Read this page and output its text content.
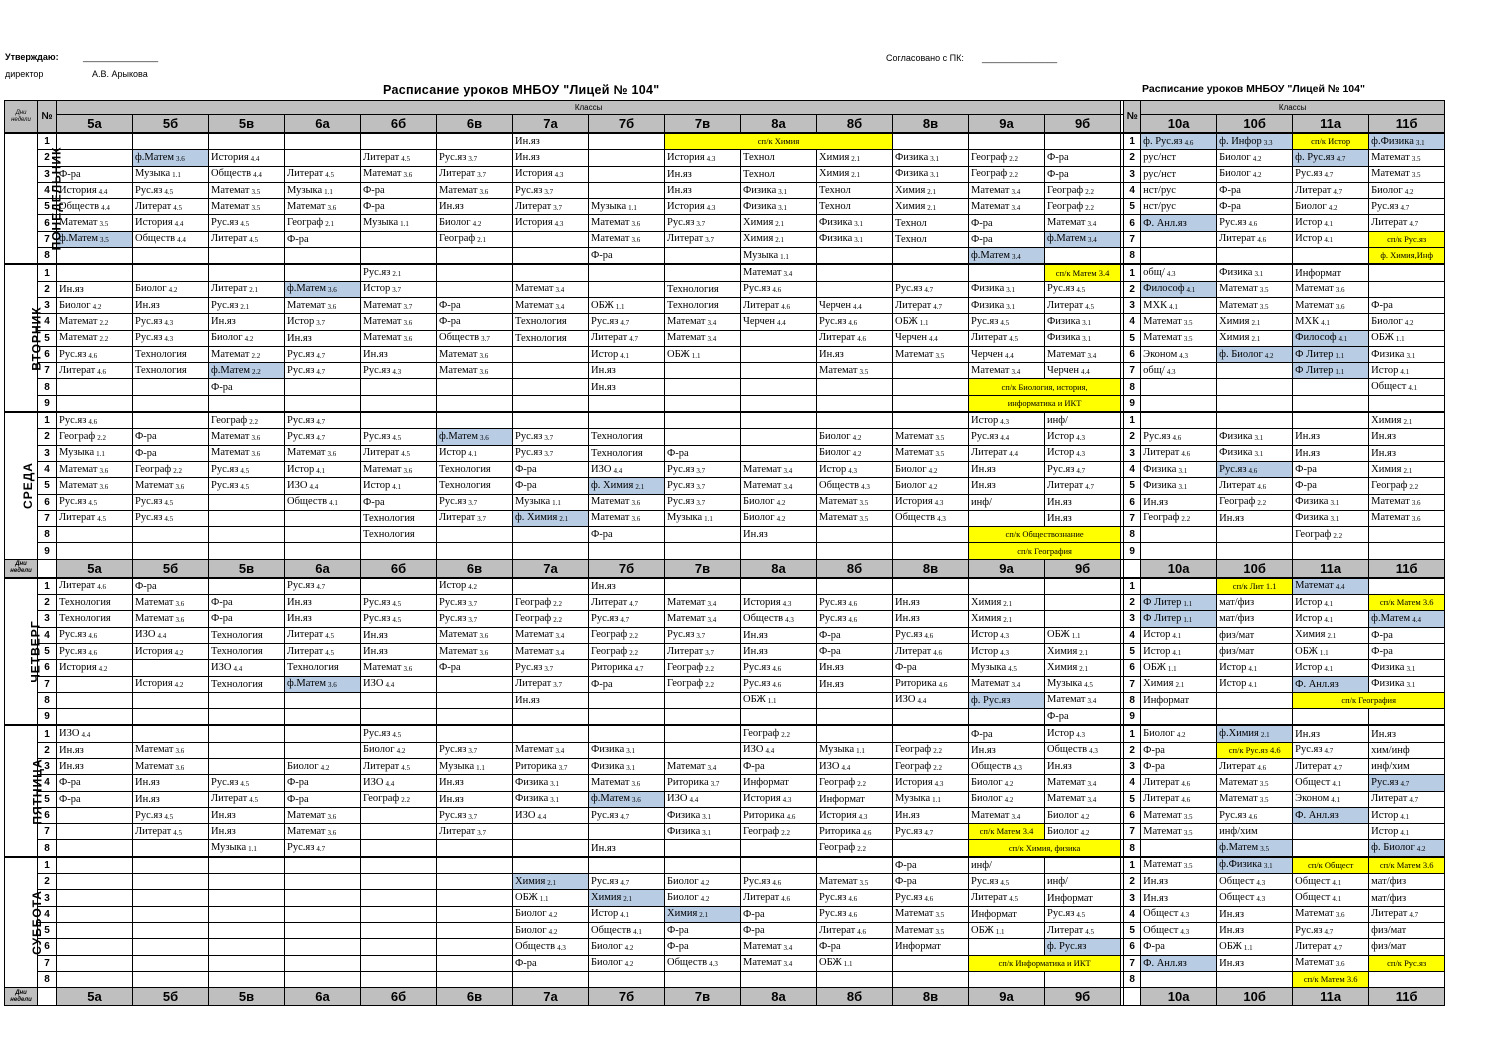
Утверждаю:	_______________
директор	А.В. Арыкова
Согласовано с ПК: _______________
Расписание уроков МНБОУ "Лицей № 104"	Расписание уроков МНБОУ "Лицей № 104"
Дни недели	№	Классы															№	Классы			
		5а	5б	5в	6а	6б	6в	7а	7б	7в	8а	8б	8в	9а	9б			10а	10б	11а	11б
ПОНЕДЕЛЬНИК	1							Ин.яз		сп/к Химия							1	ф. Рус.яз $_{4.6}$	ф. Инфор $_{3.3}$	сп/к Истор	ф.Физика $_{3.1}$
	2		ф.Матем $_{3.6}$	История $_{4.4}$		Литерат $_{4.5}$	Рус.яз $_{3.7}$	Ин.яз		История $_{4.3}$	Технол	Химия $_{2.1}$	Физика $_{3.1}$	Географ $_{2.2}$	Ф-ра		2	рус/нст	Биолог $_{4.2}$	ф. Рус.яз $_{4.7}$	Математ $_{3.5}$
	3	Ф-ра	Музыка $_{1.1}$	Обществ $_{4.4}$	Литерат $_{4.5}$	Математ $_{3.6}$	Литерат $_{3.7}$	История $_{4.3}$		Ин.яз	Технол	Химия $_{2.1}$	Физика $_{3.1}$	Географ $_{2.2}$	Ф-ра		3	рус/нст	Биолог $_{4.2}$	Рус.яз $_{4.7}$	Математ $_{3.5}$
	4	История $_{4.4}$	Рус.яз $_{4.5}$	Математ $_{3.5}$	Музыка $_{1.1}$	Ф-ра	Математ $_{3.6}$	Рус.яз $_{3.7}$		Ин.яз	Физика $_{3.1}$	Технол	Химия $_{2.1}$	Математ $_{3.4}$	Географ $_{2.2}$		4	нст/рус	Ф-ра	Литерат $_{4.7}$	Биолог $_{4.2}$
	5	Обществ $_{4.4}$	Литерат $_{4.5}$	Математ $_{3.5}$	Математ $_{3.6}$	Ф-ра	Ин.яз	Литерат $_{3.7}$	Музыка $_{1.1}$	История $_{4.3}$	Физика $_{3.1}$	Технол	Химия $_{2.1}$	Математ $_{3.4}$	Географ $_{2.2}$		5	нст/рус	Ф-ра	Биолог $_{4.2}$	Рус.яз $_{4.7}$
	6	Математ $_{3.5}$	История $_{4.4}$	Рус.яз $_{4.5}$	Географ $_{2.1}$	Музыка $_{1.1}$	Биолог $_{4.2}$	История $_{4.3}$	Математ $_{3.6}$	Рус.яз $_{3.7}$	Химия $_{2.1}$	Физика $_{3.1}$	Технол	Ф-ра	Математ $_{3.4}$		6	Ф. Анл.яз	Рус.яз $_{4.6}$	Истор $_{4.1}$	Литерат $_{4.7}$
	7	ф.Матем $_{3.5}$	Обществ $_{4.4}$	Литерат $_{4.5}$	Ф-ра		Географ $_{2.1}$		Математ $_{3.6}$	Литерат $_{3.7}$	Химия $_{2.1}$	Физика $_{3.1}$	Технол	Ф-ра	ф.Матем $_{3.4}$		7		Литерат $_{4.6}$	Истор $_{4.1}$	сп/к Рус.яз
	8								Ф-ра		Музыка $_{1.1}$			ф.Матем $_{3.4}$			8				ф. Химия,Инф
ВТОРНИК	1					Рус.яз $_{2.1}$					Математ $_{3.4}$				сп/к Матем 3.4		1	общ/ $_{4.3}$	Физика $_{3.1}$	Информат	
	2	Ин.яз	Биолог $_{4.2}$	Литерат $_{2.1}$	ф.Матем $_{3.6}$	Истор $_{3.7}$		Математ $_{3.4}$		Технология	Рус.яз $_{4.6}$		Рус.яз $_{4.7}$	Физика $_{3.1}$	Рус.яз $_{4.5}$		2	Философ $_{4.1}$	Математ $_{3.5}$	Математ $_{3.6}$	
	3	Биолог $_{4.2}$	Ин.яз	Рус.яз $_{2.1}$	Математ $_{3.6}$	Математ $_{3.7}$	Ф-ра	Математ $_{3.4}$	ОБЖ $_{1.1}$	Технология	Литерат $_{4.6}$	Черчен $_{4.4}$	Литерат $_{4.7}$	Физика $_{3.1}$	Литерат $_{4.5}$		3	МХК $_{4.1}$	Математ $_{3.5}$	Математ $_{3.6}$	Ф-ра
	4	Математ $_{2.2}$	Рус.яз $_{4.3}$	Ин.яз	Истор $_{3.7}$	Математ $_{3.6}$	Ф-ра	Технология	Рус.яз $_{4.7}$	Математ $_{3.4}$	Черчен $_{4.4}$	Рус.яз $_{4.6}$	ОБЖ $_{1.1}$	Рус.яз $_{4.5}$	Физика $_{3.1}$		4	Математ $_{3.5}$	Химия $_{2.1}$	МХК $_{4.1}$	Биолог $_{4.2}$
	5	Математ $_{2.2}$	Рус.яз $_{4.3}$	Биолог $_{4.2}$	Ин.яз	Математ $_{3.6}$	Обществ $_{3.7}$	Технология	Литерат $_{4.7}$	Математ $_{3.4}$		Литерат $_{4.6}$	Черчен $_{4.4}$	Литерат $_{4.5}$	Физика $_{3.1}$		5	Математ $_{3.5}$	Химия $_{2.1}$	Философ $_{4.1}$	ОБЖ $_{1.1}$
	6	Рус.яз $_{4.6}$	Технология	Математ $_{2.2}$	Рус.яз $_{4.7}$	Ин.яз	Математ $_{3.6}$		Истор $_{4.1}$	ОБЖ $_{1.1}$		Ин.яз	Математ $_{3.5}$	Черчен $_{4.4}$	Математ $_{3.4}$		6	Эконом $_{4.3}$	ф. Биолог $_{4.2}$	Ф Литер $_{1.1}$	Физика $_{3.1}$
	7	Литерат $_{4.6}$	Технология	ф.Матем $_{2.2}$	Рус.яз $_{4.7}$	Рус.яз $_{4.3}$	Математ $_{3.6}$		Ин.яз			Математ $_{3.5}$		Математ $_{3.4}$	Черчен $_{4.4}$		7	общ/ $_{4.3}$		Ф Литер $_{1.1}$	Истор $_{4.1}$
	8			Ф-ра					Ин.яз					сп/к Биология, история,			8				Общест $_{4.1}$
	9													информатика и ИКТ			9				
СРЕДА	1	Рус.яз $_{4.6}$		Географ $_{2.2}$	Рус.яз $_{4.7}$									Истор $_{4.3}$	инф/		1				Химия $_{2.1}$
	2	Географ $_{2.2}$	Ф-ра	Математ $_{3.6}$	Рус.яз $_{4.7}$	Рус.яз $_{4.5}$	ф.Матем $_{3.6}$	Рус.яз $_{3.7}$	Технология			Биолог $_{4.2}$	Математ $_{3.5}$	Рус.яз $_{4.4}$	Истор $_{4.3}$		2	Рус.яз $_{4.6}$	Физика $_{3.1}$	Ин.яз	Ин.яз
	3	Музыка $_{1.1}$	Ф-ра	Математ $_{3.6}$	Математ $_{3.6}$	Литерат $_{4.5}$	Истор $_{4.1}$	Рус.яз $_{3.7}$	Технология	Ф-ра		Биолог $_{4.2}$	Математ $_{3.5}$	Литерат $_{4.4}$	Истор $_{4.3}$		3	Литерат $_{4.6}$	Физика $_{3.1}$	Ин.яз	Ин.яз
	4	Математ $_{3.6}$	Географ $_{2.2}$	Рус.яз $_{4.5}$	Истор $_{4.1}$	Математ $_{3.6}$	Технология	Ф-ра	ИЗО $_{4.4}$	Рус.яз $_{3.7}$	Математ $_{3.4}$	Истор $_{4.3}$	Биолог $_{4.2}$	Ин.яз	Рус.яз $_{4.7}$		4	Физика $_{3.1}$	Рус.яз $_{4.6}$	Ф-ра	Химия $_{2.1}$
	5	Математ $_{3.6}$	Математ $_{3.6}$	Рус.яз $_{4.5}$	ИЗО $_{4.4}$	Истор $_{4.1}$	Технология	Ф-ра	ф. Химия $_{2.1}$	Рус.яз $_{3.7}$	Математ $_{3.4}$	Обществ $_{4.3}$	Биолог $_{4.2}$	Ин.яз	Литерат $_{4.7}$		5	Физика $_{3.1}$	Литерат $_{4.6}$	Ф-ра	Географ $_{2.2}$
	6	Рус.яз $_{4.5}$	Рус.яз $_{4.5}$		Обществ $_{4.1}$	Ф-ра	Рус.яз $_{3.7}$	Музыка $_{1.1}$	Математ $_{3.6}$	Рус.яз $_{3.7}$	Биолог $_{4.2}$	Математ $_{3.5}$	История $_{4.3}$	инф/	Ин.яз		6	Ин.яз	Географ $_{2.2}$	Физика $_{3.1}$	Математ $_{3.6}$
	7	Литерат $_{4.5}$	Рус.яз $_{4.5}$			Технология	Литерат $_{3.7}$	ф. Химия $_{2.1}$	Математ $_{3.6}$	Музыка $_{1.1}$	Биолог $_{4.2}$	Математ $_{3.5}$	Обществ $_{4.3}$		Ин.яз		7	Географ $_{2.2}$	Ин.яз	Физика $_{3.1}$	Математ $_{3.6}$
	8					Технология			Ф-ра		Ин.яз			сп/к Обществознание			8			Географ $_{2.2}$	
	9													сп/к География			9				
Дни недели		5а	5б	5в	6а	6б	6в	7а	7б	7в	8а	8б	8в	9а	9б			10а	10б	11а	11б
ЧЕТВЕРГ	1	Литерат $_{4.6}$	Ф-ра		Рус.яз $_{4.7}$		Истор $_{4.2}$		Ин.яз								1		сп/к Лит 1.1	Математ $_{4.4}$	
	2	Технология	Математ $_{3.6}$	Ф-ра	Ин.яз	Рус.яз $_{4.5}$	Рус.яз $_{3.7}$	Географ $_{2.2}$	Литерат $_{4.7}$	Математ $_{3.4}$	История $_{4.3}$	Рус.яз $_{4.6}$	Ин.яз	Химия $_{2.1}$			2	Ф Литер $_{1.1}$	мат/физ	Истор $_{4.1}$	сп/к Матем 3.6
	3	Технология	Математ $_{3.6}$	Ф-ра	Ин.яз	Рус.яз $_{4.5}$	Рус.яз $_{3.7}$	Географ $_{2.2}$	Рус.яз $_{4.7}$	Математ $_{3.4}$	Обществ $_{4.3}$	Рус.яз $_{4.6}$	Ин.яз	Химия $_{2.1}$			3	Ф Литер $_{1.1}$	мат/физ	Истор $_{4.1}$	ф.Матем $_{4.4}$
	4	Рус.яз $_{4.6}$	ИЗО $_{4.4}$	Технология	Литерат $_{4.5}$	Ин.яз	Математ $_{3.6}$	Математ $_{3.4}$	Географ $_{2.2}$	Рус.яз $_{3.7}$	Ин.яз	Ф-ра	Рус.яз $_{4.6}$	Истор $_{4.3}$	ОБЖ $_{1.1}$		4	Истор $_{4.1}$	физ/мат	Химия $_{2.1}$	Ф-ра
	5	Рус.яз $_{4.6}$	История $_{4.2}$	Технология	Литерат $_{4.5}$	Ин.яз	Математ $_{3.6}$	Математ $_{3.4}$	Географ $_{2.2}$	Литерат $_{3.7}$	Ин.яз	Ф-ра	Литерат $_{4.6}$	Истор $_{4.3}$	Химия $_{2.1}$		5	Истор $_{4.1}$	физ/мат	ОБЖ $_{1.1}$	Ф-ра
	6	История $_{4.2}$		ИЗО $_{4.4}$	Технология	Математ $_{3.6}$	Ф-ра	Рус.яз $_{3.7}$	Риторика $_{4.7}$	Географ $_{2.2}$	Рус.яз $_{4.6}$	Ин.яз	Ф-ра	Музыка $_{4.5}$	Химия $_{2.1}$		6	ОБЖ $_{1.1}$	Истор $_{4.1}$	Истор $_{4.1}$	Физика $_{3.1}$
	7		История $_{4.2}$	Технология	ф.Матем $_{3.6}$	ИЗО $_{4.4}$		Литерат $_{3.7}$	Ф-ра	Географ $_{2.2}$	Рус.яз $_{4.6}$	Ин.яз	Риторика $_{4.6}$	Математ $_{3.4}$	Музыка $_{4.5}$		7	Химия $_{2.1}$	Истор $_{4.1}$	Ф. Анл.яз	Физика $_{3.1}$
	8							Ин.яз			ОБЖ $_{1.1}$		ИЗО $_{4.4}$	ф. Рус.яз	Математ $_{3.4}$		8	Информат		сп/к География	
	9														Ф-ра		9				
ПЯТНИЦА	1	ИЗО $_{4.4}$				Рус.яз $_{4.5}$					Географ $_{2.2}$			Ф-ра	Истор $_{4.3}$		1	Биолог $_{4.2}$	ф.Химия $_{2.1}$	Ин.яз	Ин.яз
	2	Ин.яз	Математ $_{3.6}$			Биолог $_{4.2}$	Рус.яз $_{3.7}$	Математ $_{3.4}$	Физика $_{3.1}$		ИЗО $_{4.4}$	Музыка $_{1.1}$	Географ $_{2.2}$	Ин.яз	Обществ $_{4.3}$		2	Ф-ра	сп/к Рус.яз 4.6	Рус.яз $_{4.7}$	хим/инф
	3	Ин.яз	Математ $_{3.6}$		Биолог $_{4.2}$	Литерат $_{4.5}$	Музыка $_{1.1}$	Риторика $_{3.7}$	Физика $_{3.1}$	Математ $_{3.4}$	Ф-ра	ИЗО $_{4.4}$	Географ $_{2.2}$	Обществ $_{4.3}$	Ин.яз		3	Ф-ра	Литерат $_{4.6}$	Литерат $_{4.7}$	инф/хим
	4	Ф-ра	Ин.яз	Рус.яз $_{4.5}$	Ф-ра	ИЗО $_{4.4}$	Ин.яз	Физика $_{3.1}$	Математ $_{3.6}$	Риторика $_{3.7}$	Информат	Географ $_{2.2}$	История $_{4.3}$	Биолог $_{4.2}$	Математ $_{3.4}$		4	Литерат $_{4.6}$	Математ $_{3.5}$	Общест $_{4.1}$	Рус.яз $_{4.7}$
	5	Ф-ра	Ин.яз	Литерат $_{4.5}$	Ф-ра	Географ $_{2.2}$	Ин.яз	Физика $_{3.1}$	ф.Матем $_{3.6}$	ИЗО $_{4.4}$	История $_{4.3}$	Информат	Музыка $_{1.1}$	Биолог $_{4.2}$	Математ $_{3.4}$		5	Литерат $_{4.6}$	Математ $_{3.5}$	Эконом $_{4.1}$	Литерат $_{4.7}$
	6		Рус.яз $_{4.5}$	Ин.яз	Математ $_{3.6}$		Рус.яз $_{3.7}$	ИЗО $_{4.4}$	Рус.яз $_{4.7}$	Физика $_{3.1}$	Риторика $_{4.6}$	История $_{4.3}$	Ин.яз	Математ $_{3.4}$	Биолог $_{4.2}$		6	Математ $_{3.5}$	Рус.яз $_{4.6}$	Ф. Анл.яз	Истор $_{4.1}$
	7		Литерат $_{4.5}$	Ин.яз	Математ $_{3.6}$		Литерат $_{3.7}$			Физика $_{3.1}$	Географ $_{2.2}$	Риторика $_{4.6}$	Рус.яз $_{4.7}$	сп/к Матем 3.4	Биолог $_{4.2}$		7	Математ $_{3.5}$	инф/хим		Истор $_{4.1}$
	8			Музыка $_{1.1}$	Рус.яз $_{4.7}$				Ин.яз			Географ $_{2.2}$		сп/к Химия, физика			8		ф.Матем $_{3.5}$		ф. Биолог $_{4.2}$
СУББОТА	1												Ф-ра	инф/			1	Математ $_{3.5}$	ф.Физика $_{3.1}$	сп/к Общест	сп/к Матем 3.6
	2							Химия $_{2.1}$	Рус.яз $_{4.7}$	Биолог $_{4.2}$	Рус.яз $_{4.6}$	Математ $_{3.5}$	Ф-ра	Рус.яз $_{4.5}$	инф/		2	Ин.яз	Общест $_{4.3}$	Общест $_{4.1}$	мат/физ
	3							ОБЖ $_{1.1}$	Химия $_{2.1}$	Биолог $_{4.2}$	Литерат $_{4.6}$	Рус.яз $_{4.6}$	Рус.яз $_{4.6}$	Литерат $_{4.5}$	Информат		3	Ин.яз	Общест $_{4.3}$	Общест $_{4.1}$	мат/физ
	4							Биолог $_{4.2}$	Истор $_{4.1}$	Химия $_{2.1}$	Ф-ра	Рус.яз $_{4.6}$	Математ $_{3.5}$	Информат	Рус.яз $_{4.5}$		4	Общест $_{4.3}$	Ин.яз	Математ $_{3.6}$	Литерат $_{4.7}$
	5							Биолог $_{4.2}$	Обществ $_{4.1}$	Ф-ра	Ф-ра	Литерат $_{4.6}$	Математ $_{3.5}$	ОБЖ $_{1.1}$	Литерат $_{4.5}$		5	Общест $_{4.3}$	Ин.яз	Рус.яз $_{4.7}$	физ/мат
	6							Обществ $_{4.3}$	Биолог $_{4.2}$	Ф-ра	Математ $_{3.4}$	Ф-ра	Информат		ф. Рус.яз		6	Ф-ра	ОБЖ $_{1.1}$	Литерат $_{4.7}$	физ/мат
	7							Ф-ра	Биолог $_{4.2}$	Обществ $_{4.3}$	Математ $_{3.4}$	ОБЖ $_{1.1}$		сп/к Информатика и ИКТ			7	Ф. Анл.яз	Ин.яз	Математ $_{3.6}$	сп/к Рус.яз
	8																8			сп/к Матем 3.6	
Дни недели		5а	5б	5в	6а	6б	6в	7а	7б	7в	8а	8б	8в	9а	9б			10а	10б	11а	11б
